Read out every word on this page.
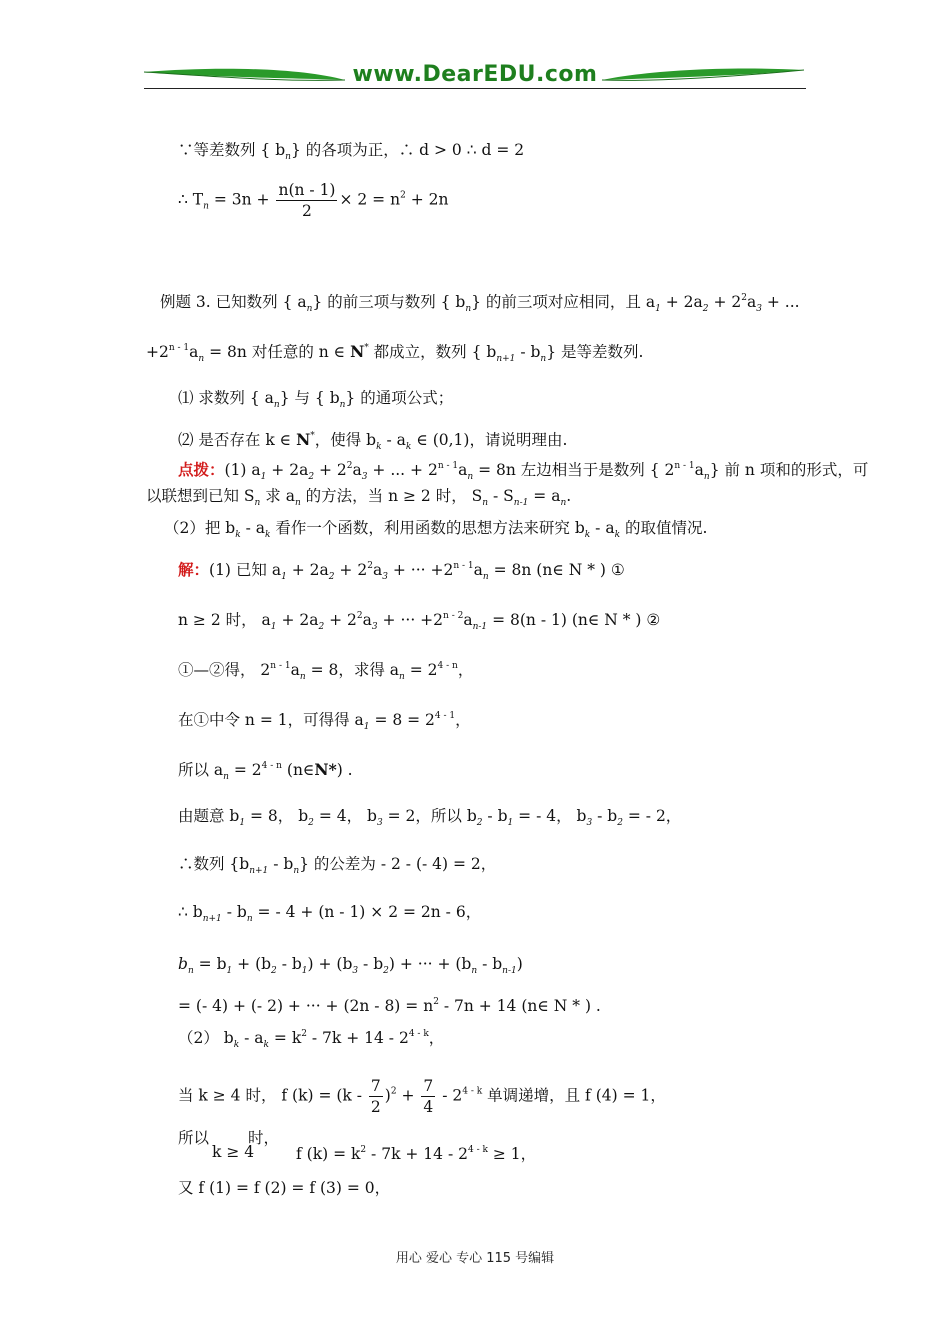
www.DearEDU.com
∵等差数列 { $b_n$} 的各项为正，∴ d > 0 ∴ d = 2
∴ $T_n = 3n + \frac{n(n - 1)}{2} \times 2 = n^2 + 2n$
例题 3. 已知数列 { $a_n$} 的前三项与数列 { $b_n$} 的前三项对应相同，且 $a_1 + 2a_2 + 2^2a_3$ + ...
$+2^{n - 1}a_n = 8n$ 对任意的 n ∈ N* 都成立，数列 { $b_{n+1} - b_n$} 是等差数列.
⑴ 求数列 { $a_n$} 与 { $b_n$} 的通项公式；
⑵ 是否存在 k ∈ N*，使得 $b_k - a_k$ ∈ (0,1)，请说明理由.
点拨：(1) $a_1 + 2a_2 + 2^2a_3$ + ... + $2^{n - 1}a_n = 8n$ 左边相当于是数列 { $2^{n - 1}a_n$} 前 n 项和的形式，可
以联想到已知 $S_n$ 求 $a_n$ 的方法，当 n ≥ 2 时， $S_n - S_{n-1} = a_n$.
（2）把 $b_k - a_k$ 看作一个函数，利用函数的思想方法来研究 $b_k - a_k$ 的取值情况.
解：(1) 已知 $a_1 + 2a_2 + 2^2a_3$ + ··· $+2^{n - 1}a_n = 8n$ (n∈ N * ) ①
n ≥ 2 时， $a_1 + 2a_2 + 2^2a_3$ + ··· $+2^{n - 2}a_{n-1} = 8(n - 1)$ (n∈ N * ) ②
①—②得， $2^{n - 1}a_n = 8$，求得 $a_n = 2^{4 - n}$，
在①中令 n = 1，可得得 $a_1 = 8 = 2^{4 - 1}$，
所以 $a_n = 2^{4 - n}$ (n∈N*) .
由题意 $b_1 = 8$， $b_2 = 4$， $b_3 = 2$，所以 $b_2 - b_1$ = - 4， $b_3 - b_2$ = - 2，
∴数列 $\{b_{n+1} - b_n\}$ 的公差为 - 2 - (- 4) = 2，
∴ $b_{n+1} - b_n$ = - 4 + (n - 1) × 2 = 2n - 6，
$b_n = b_1 + (b_2 - b_1) + (b_3 - b_2)$ + ··· + $(b_n - b_{n-1})$
= (- 4) + (- 2) + ··· + $(2n - 8) = n^2 - 7n + 14$ (n∈ N * ) .
（2） $b_k - a_k = k^2 - 7k + 14 - 2^{4 - k}$，
当 k ≥ 4 时， f $(k) = (k - \frac{7}{2} )^2 + \frac{7}{4} - 2^{4 - k}$ 单调递增，且 f (4) = 1，
所以 时，
k ≥ 4	f $(k) = k^2 - 7k + 14 - 2^{4 - k} \ge 1$，
又 f (1) = f (2) = f (3) = 0，
用心 爱心 专心 115 号编辑
